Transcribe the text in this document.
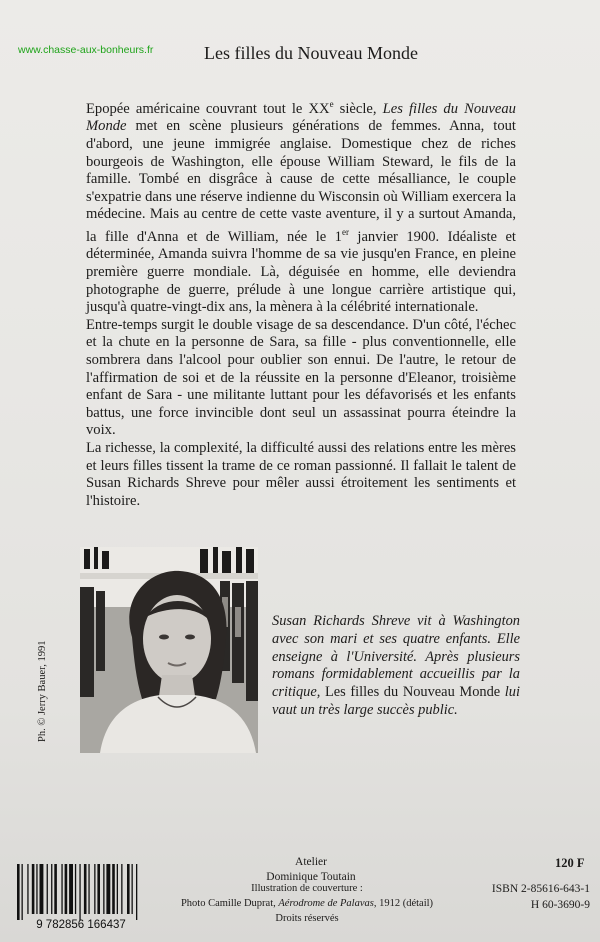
www.chasse-aux-bonheurs.fr	Les filles du Nouveau Monde

Epopée américaine couvrant tout le XXe siècle, Les filles du Nouveau Monde met en scène plusieurs générations de femmes. Anna, tout d'abord, une jeune immigrée anglaise. Domestique chez de riches bourgeois de Washington, elle épouse William Steward, le fils de la famille. Tombé en disgrâce à cause de cette mésalliance, le couple s'expatrie dans une réserve indienne du Wisconsin où William exercera la médecine. Mais au centre de cette vaste aventure, il y a surtout Amanda, la fille d'Anna et de William, née le 1er janvier 1900. Idéaliste et déterminée, Amanda suivra l'homme de sa vie jusqu'en France, en pleine première guerre mondiale. Là, déguisée en homme, elle deviendra photographe de guerre, prélude à une longue carrière artistique qui, jusqu'à quatre-vingt-dix ans, la mènera à la célébrité internationale.

Entre-temps surgit le double visage de sa descendance. D'un côté, l'échec et la chute en la personne de Sara, sa fille - plus conventionnelle, elle sombrera dans l'alcool pour oublier son ennui. De l'autre, le retour de l'affirmation de soi et de la réussite en la personne d'Eleanor, troisième enfant de Sara - une militante luttant pour les défavorisés et les enfants battus, une force invincible dont seul un assassinat pourra éteindre la voix.

La richesse, la complexité, la difficulté aussi des relations entre les mères et leurs filles tissent la trame de ce roman passionné. Il fallait le talent de Susan Richards Shreve pour mêler aussi étroitement les sentiments et l'histoire.

Ph. © Jerry Bauer, 1991
Susan Richards Shreve vit à Washington avec son mari et ses quatre enfants. Elle enseigne à l'Université. Après plusieurs romans formidablement accueillis par la critique, Les filles du Nouveau Monde lui vaut un très large succès public.
Atelier
Dominique Toutain
120 F
ISBN 2-85616-643-1
H 60-3690-9
Illustration de couverture :
Photo Camille Duprat, Aérodrome de Palavas, 1912 (détail)
Droits réservés
9 782856 166437
